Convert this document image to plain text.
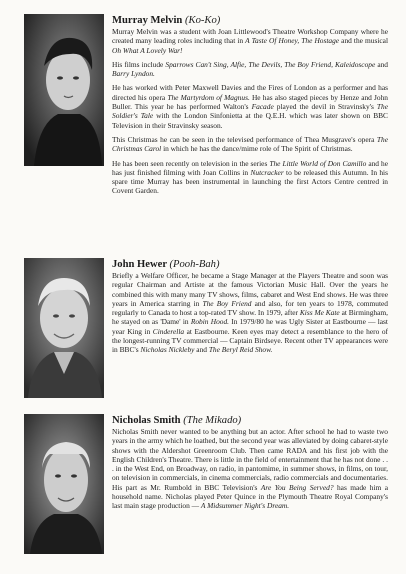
Murray Melvin (Ko-Ko)

Murray Melvin was a student with Joan Littlewood's Theatre Workshop Company where he created many leading roles including that in A Taste Of Honey, The Hostage and the musical Oh What A Lovely War!

His films include Sparrows Can't Sing, Alfie, The Devils, The Boy Friend, Kaleidoscope and Barry Lyndon.

He has worked with Peter Maxwell Davies and the Fires of London as a performer and has directed his opera The Martyrdom of Magnus. He has also staged pieces by Henze and John Buller. This year he has performed Walton's Facade played the devil in Stravinsky's The Soldier's Tale with the London Sinfonietta at the Q.E.H. which was later shown on BBC Television in their Stravinsky season.

This Christmas he can be seen in the televised performance of Thea Musgrave's opera The Christmas Carol in which he has the dance/mime role of The Spirit of Christmas.

He has been seen recently on television in the series The Little World of Don Camillo and he has just finished filming with Joan Collins in Nutcracker to be released this Autumn. In his spare time Murray has been instrumental in launching the first Actors Centre centred in Covent Garden.

John Hewer (Pooh-Bah)

Briefly a Welfare Officer, he became a Stage Manager at the Players Theatre and soon was regular Chairman and Artiste at the famous Victorian Music Hall. Over the years he combined this with many many TV shows, films, cabaret and West End shows. He was three years in America starring in The Boy Friend and also, for ten years to 1978, commuted regularly to Canada to host a top-rated TV show. In 1979, after Kiss Me Kate at Birmingham, he stayed on as 'Dame' in Robin Hood. In 1979/80 he was Ugly Sister at Eastbourne — last year King in Cinderella at Eastbourne. Keen eyes may detect a resemblance to the hero of the longest-running TV commercial — Captain Birdseye. Recent other TV appearances were in BBC's Nicholas Nickleby and The Beryl Reid Show.

Nicholas Smith (The Mikado)

Nicholas Smith never wanted to be anything but an actor. After school he had to waste two years in the army which he loathed, but the second year was alleviated by doing cabaret-style shows with the Aldershot Greenroom Club. Then came RADA and his first job with the English Children's Theatre. There is little in the field of entertainment that he has not done . . . in the West End, on Broadway, on radio, in pantomime, in summer shows, in films, on tour, on television in commercials, in cinema commercials, radio commercials and documentaries. His part as Mr. Rumbold in BBC Television's Are You Being Served? has made him a household name. Nicholas played Peter Quince in the Plymouth Theatre Royal Company's last main stage production — A Midsummer Night's Dream.
